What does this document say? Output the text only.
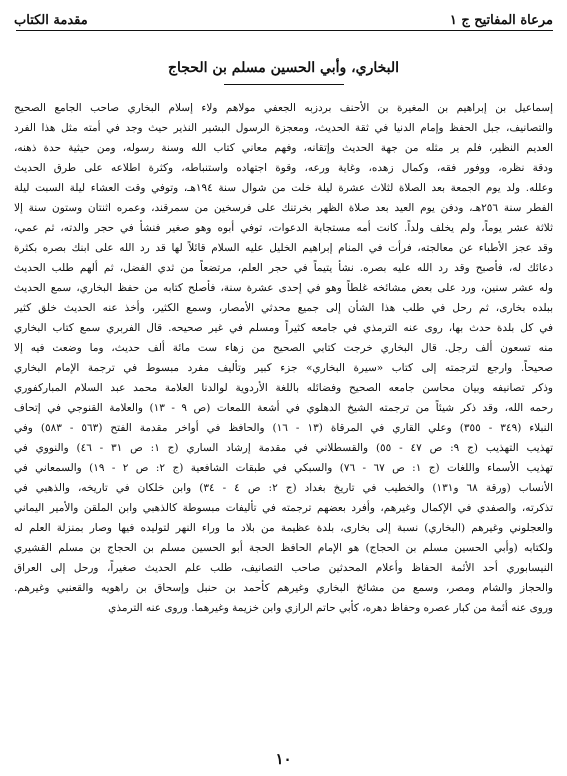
مرعاة المفاتيح ج ١
مقدمة الكتاب
البخاري، وأبي الحسين مسلم بن الحجاج
إسماعيل بن إبراهيم بن المغيرة بن الأحنف بردزبه الجعفي مولاهم ولاء إسلام البخاري صاحب الجامع الصحيح
والتصانيف، جبل الحفظ وإمام الدنيا في ثقة الحديث، ومعجزة الرسول البشير النذير حيث وجد في أمته مثل هذا الفرد
العديم النظير، فلم ير مثله من جهة الحديث وإتقانه، وفهم معاني كتاب الله وسنة رسوله، ومن حيثية حدة ذهنه،
ودقة نظره، ووفور فقه، وكمال زهده، وغاية ورعه، وقوة اجتهاده واستنباطه، وكثرة اطلاعه على طرق الحديث
وعلله. ولد يوم الجمعة بعد الصلاة لثلاث عشرة ليلة خلت من شوال سنة ١٩٤هـ، وتوفي وقت العشاء ليلة السبت ليلة
الفطر سنة ٢٥٦هـ، ودفن يوم العيد بعد صلاة الظهر بخرتنك على فرسخين من سمرقند، وعمره اثنتان وستون سنة إلا
ثلاثة عشر يوماً، ولم يخلف ولداً. كانت أمه مستجابة الدعوات، توفي أبوه وهو صغير فنشأ في حجر والدته، ثم عمي،
وقد عجز الأطباء عن معالجته، فرأت في المنام إبراهيم الخليل عليه السلام قائلاً لها قد رد الله على ابنك بصره بكثرة
دعائك له، فأصبح وقد رد الله عليه بصره. نشأ يتيماً في حجر العلم، مرتضعاً من ثدي الفضل، ثم ألهم طلب الحديث
وله عشر سنين، ورد على بعض مشائخه غلطاً وهو في إحدى عشرة سنة، فأصلح كتابه من حفظ البخاري، سمع الحديث
ببلده بخارى، ثم رحل في طلب هذا الشأن إلى جميع محدثي الأمصار، وسمع الكثير، وأخذ عنه الحديث خلق كثير
في كل بلدة حدث بها، روى عنه الترمذي في جامعه كثيراً ومسلم في غير صحيحه. قال الفربري سمع كتاب البخاري
منه تسعون ألف رجل. قال البخاري خرجت كتابي الصحيح من زهاء ست مائة ألف حديث، وما وضعت فيه إلا
صحيحاً. وارجع لترجمته إلى كتاب «سيرة البخاري» جزء كبير وتأليف مفرد مبسوط في ترجمة الإمام البخاري
وذكر تصانيفه وبيان محاسن جامعه الصحيح وفضائله باللغة الأردوية لوالدنا العلامة محمد عبد السلام المباركفوري
رحمه الله، وقد ذكر شيئاً من ترجمته الشيخ الدهلوي في أشعة اللمعات (ص ٩ - ١٣) والعلامة القنوجي في إتحاف
النبلاء (٣٤٩ - ٣٥٥) وعلي القاري في المرقاة (١٣ - ١٦) والحافظ في أواخر مقدمة الفتح (٥٦٣ - ٥٨٣) وفي
تهذيب التهذيب (ج ٩: ص ٤٧ - ٥٥) والقسطلاني في مقدمة إرشاد الساري (ج ١: ص ٣١ - ٤٦) والنووي في
تهذيب الأسماء واللغات (ج ١: ص ٦٧ - ٧٦) والسبكي في طبقات الشافعية (ج ٢: ص ٢ - ١٩) والسمعاني في
الأنساب (ورقة ٦٨ و١٣١) والخطيب في تاريخ بغداد (ج ٢: ص ٤ - ٣٤) وابن خلكان في تاريخه، والذهبي في
تذكرته، والصفدي في الإكمال وغيرهم، وأفرد بعضهم ترجمته في تأليفات مبسوطة كالذهبي وابن الملقن والأمير اليماني
والعجلوني وغيرهم (البخاري) نسبة إلى بخارى، بلدة عظيمة من بلاد ما وراء النهر لتوليده فيها وصار بمنزلة العلم له
ولكتابه (وأبي الحسين مسلم بن الحجاج) هو الإمام الحافظ الحجة أبو الحسين مسلم بن الحجاج بن مسلم القشيري
النيسابوري أحد الأئمة الحفاظ وأعلام المحدثين صاحب التصانيف، طلب علم الحديث صغيراً، ورحل إلى العراق
والحجاز والشام ومصر، وسمع من مشائخ البخاري وغيرهم كأحمد بن حنبل وإسحاق بن راهويه والقعنبي وغيرهم.
وروى عنه أئمة من كبار عصره وحفاظ دهره، كأبي حاتم الرازي وابن خزيمة وغيرهما. وروى عنه الترمذي
١٠
